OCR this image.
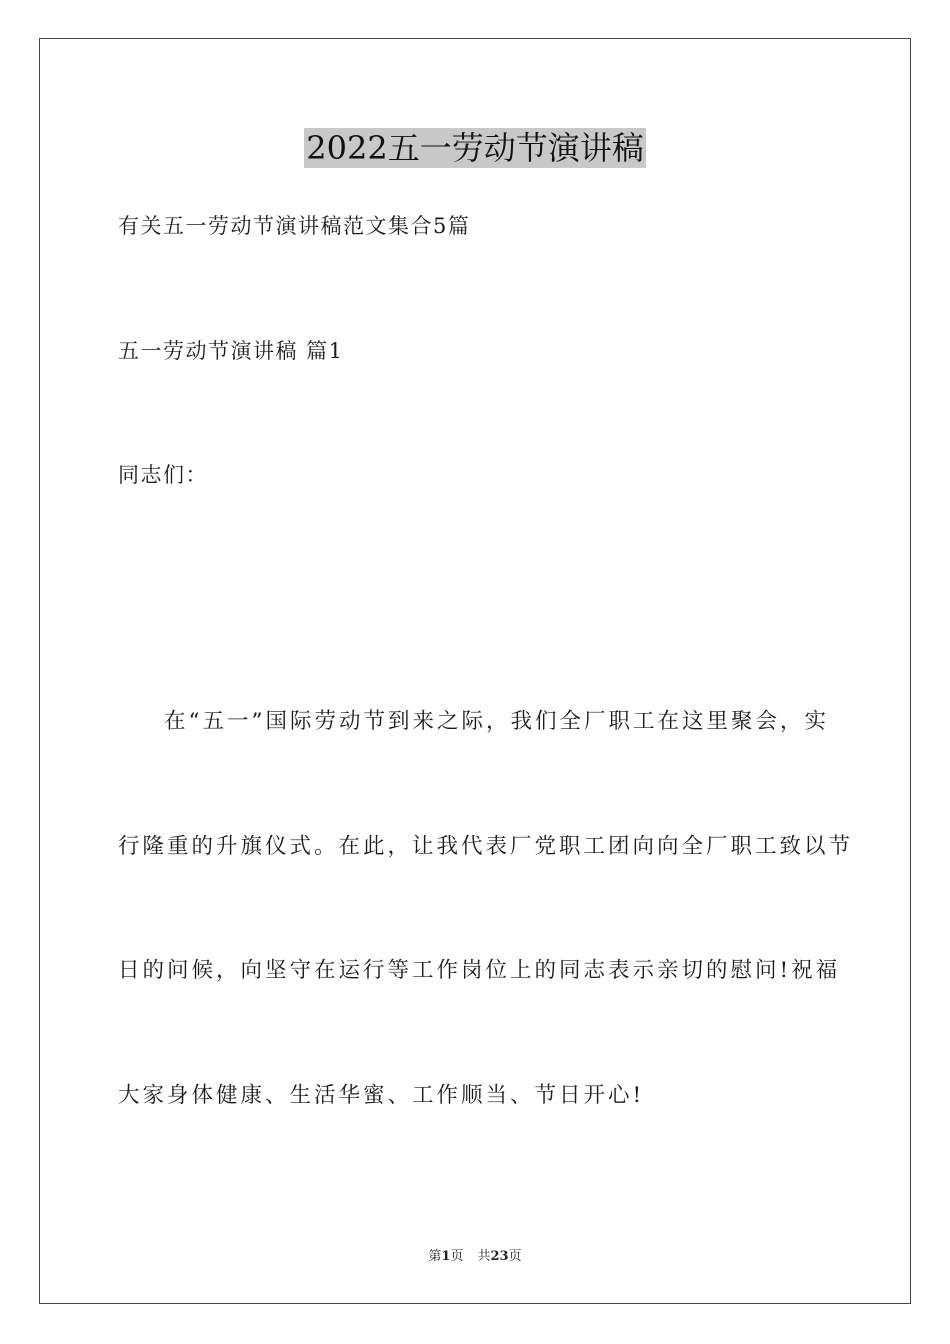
2022五一劳动节演讲稿
有关五一劳动节演讲稿范文集合5篇
五一劳动节演讲稿 篇1
同志们：
在“五一”国际劳动节到来之际，我们全厂职工在这里聚会，实
行隆重的升旗仪式。在此，让我代表厂党职工团向向全厂职工致以节
日的问候，向坚守在运行等工作岗位上的同志表示亲切的慰问!祝福
大家身体健康、生活华蜜、工作顺当、节日开心!
第1页 共23页
